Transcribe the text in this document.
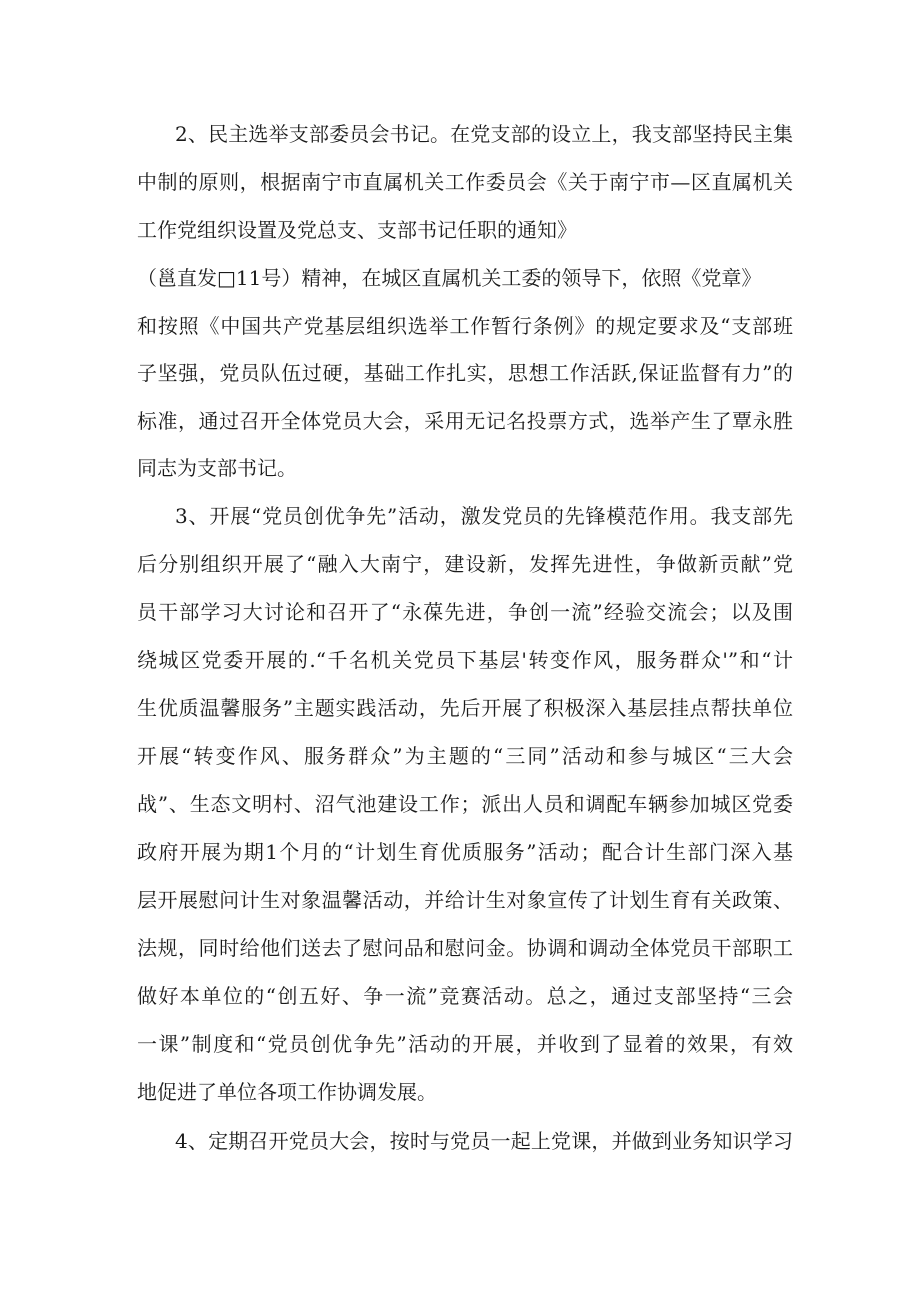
2、民主选举支部委员会书记。在党支部的设立上，我支部坚持民主集
中制的原则，根据南宁市直属机关工作委员会《关于南宁市—区直属机关
工作党组织设置及党总支、支部书记任职的通知》
（邕直发□11号）精神，在城区直属机关工委的领导下，依照《党章》
和按照《中国共产党基层组织选举工作暂行条例》的规定要求及“支部班
子坚强，党员队伍过硬，基础工作扎实，思想工作活跃,保证监督有力”的
标准，通过召开全体党员大会，采用无记名投票方式，选举产生了覃永胜
同志为支部书记。
3、开展“党员创优争先”活动，激发党员的先锋模范作用。我支部先
后分别组织开展了“融入大南宁，建设新，发挥先进性，争做新贡献”党
员干部学习大讨论和召开了“永葆先进，争创一流”经验交流会；以及围
绕城区党委开展的.“千名机关党员下基层'转变作风，服务群众'”和“计
生优质温馨服务”主题实践活动，先后开展了积极深入基层挂点帮扶单位
开展“转变作风、服务群众”为主题的“三同”活动和参与城区“三大会
战”、生态文明村、沼气池建设工作；派出人员和调配车辆参加城区党委
政府开展为期1个月的“计划生育优质服务”活动；配合计生部门深入基
层开展慰问计生对象温馨活动，并给计生对象宣传了计划生育有关政策、
法规，同时给他们送去了慰问品和慰问金。协调和调动全体党员干部职工
做好本单位的“创五好、争一流”竞赛活动。总之，通过支部坚持“三会
一课”制度和“党员创优争先”活动的开展，并收到了显着的效果，有效
地促进了单位各项工作协调发展。
4、定期召开党员大会，按时与党员一起上党课，并做到业务知识学习
